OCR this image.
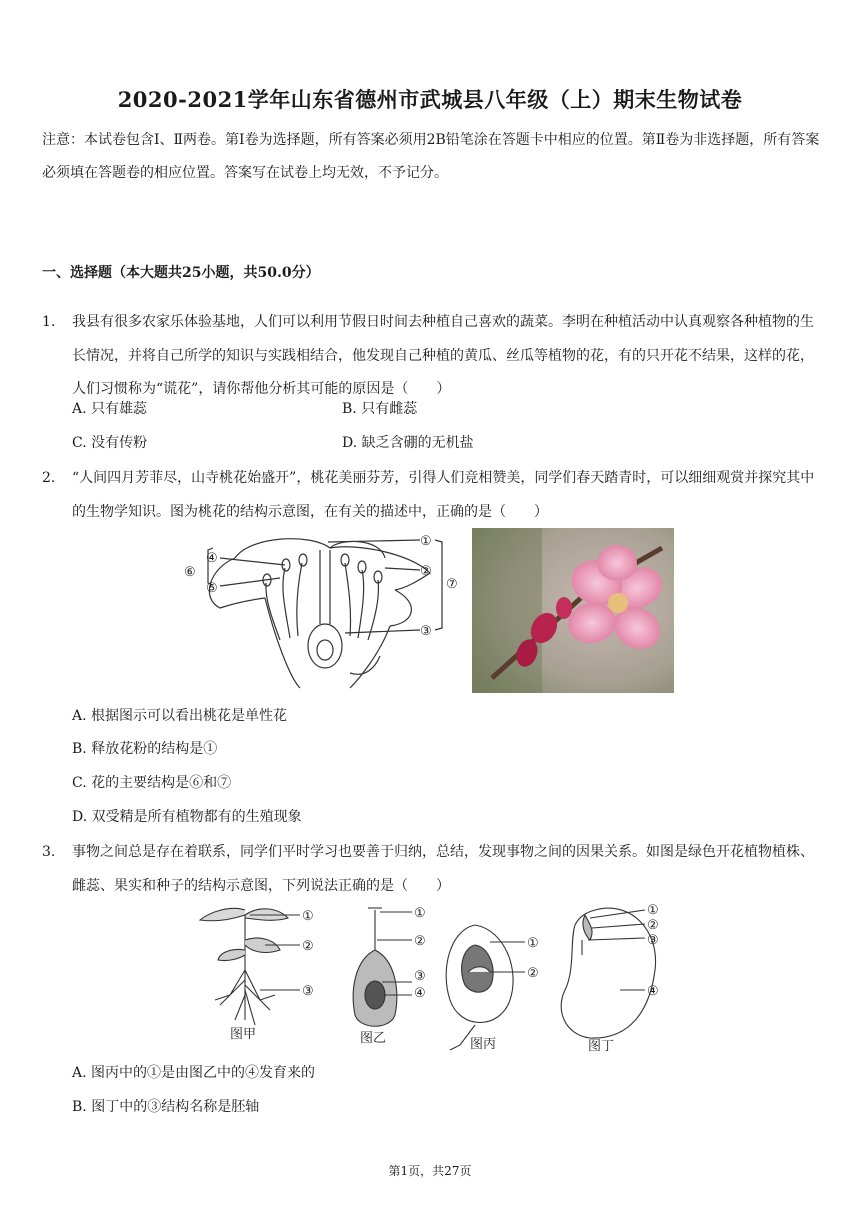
2020-2021学年山东省德州市武城县八年级（上）期末生物试卷
注意：本试卷包含Ⅰ、Ⅱ两卷。第Ⅰ卷为选择题，所有答案必须用2B铅笔涂在答题卡中相应的位置。第Ⅱ卷为非选择题，所有答案必须填在答题卷的相应位置。答案写在试卷上均无效，不予记分。
一、选择题（本大题共25小题，共50.0分）
1. 我县有很多农家乐体验基地，人们可以利用节假日时间去种植自己喜欢的蔬菜。李明在种植活动中认真观察各种植物的生长情况，并将自己所学的知识与实践相结合，他发现自己种植的黄瓜、丝瓜等植物的花，有的只开花不结果，这样的花，人们习惯称为“谎花”，请你帮他分析其可能的原因是（　　）
A. 只有雄蕊	B. 只有雌蕊
C. 没有传粉	D. 缺乏含硼的无机盐
2. “人间四月芳菲尽，山寺桃花始盛开”，桃花美丽芬芳，引得人们竞相赞美，同学们春天踏青时，可以细细观赏并探究其中的生物学知识。图为桃花的结构示意图，在有关的描述中，正确的是（　　）
④
⑤
⑥
①
②
③
⑦
A. 根据图示可以看出桃花是单性花
B. 释放花粉的结构是①
C. 花的主要结构是⑥和⑦
D. 双受精是所有植物都有的生殖现象
3. 事物之间总是存在着联系，同学们平时学习也要善于归纳，总结，发现事物之间的因果关系。如图是绿色开花植物植株、雌蕊、果实和种子的结构示意图，下列说法正确的是（　　）
①
②
③
①
②
③
④
①
②
①
②
③
④
图甲	图乙	图丙	图丁
A. 图丙中的①是由图乙中的④发育来的
B. 图丁中的③结构名称是胚轴
第1页，共27页
